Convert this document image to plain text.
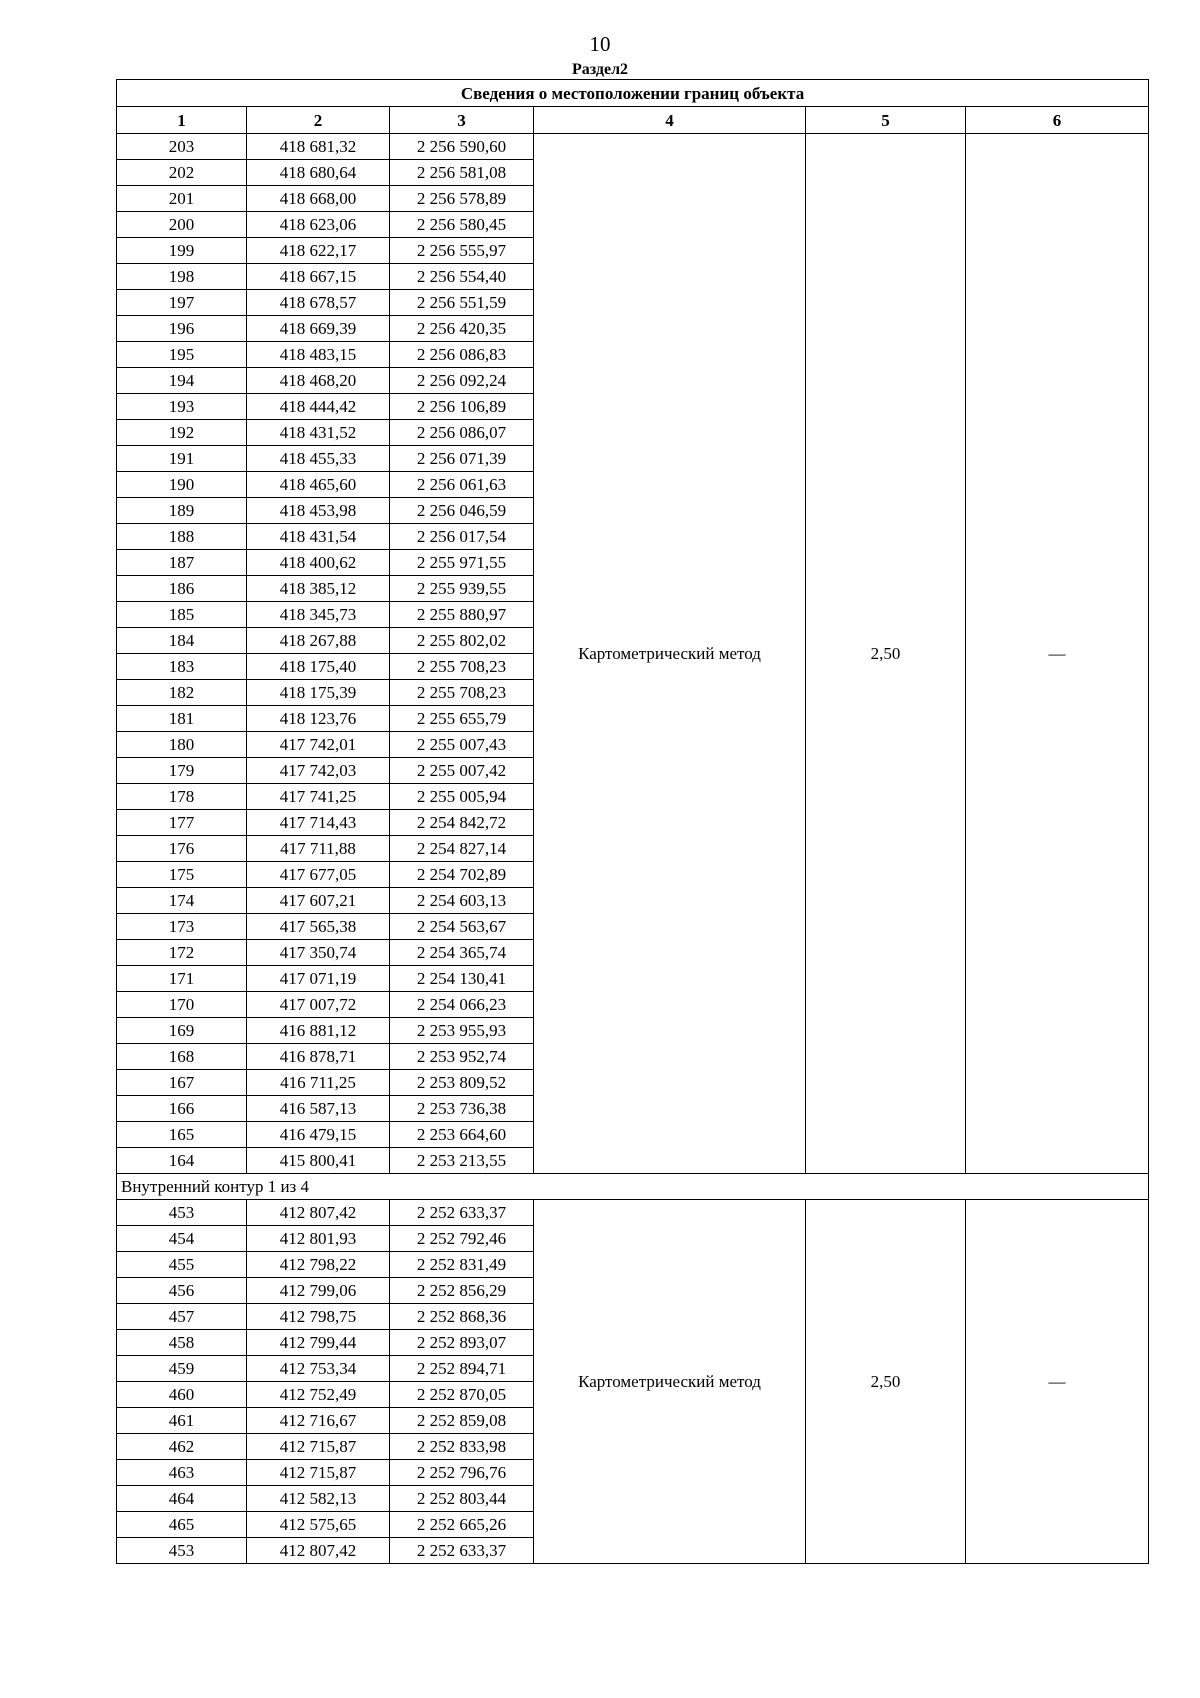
10
Раздел2
Сведения о местоположении границ объекта					
1	2	3	4	5	6
203	418 681,32	2 256 590,60	Картометрический метод	2,50	—
202	418 680,64	2 256 581,08			
201	418 668,00	2 256 578,89			
200	418 623,06	2 256 580,45			
199	418 622,17	2 256 555,97			
198	418 667,15	2 256 554,40			
197	418 678,57	2 256 551,59			
196	418 669,39	2 256 420,35			
195	418 483,15	2 256 086,83			
194	418 468,20	2 256 092,24			
193	418 444,42	2 256 106,89			
192	418 431,52	2 256 086,07			
191	418 455,33	2 256 071,39			
190	418 465,60	2 256 061,63			
189	418 453,98	2 256 046,59			
188	418 431,54	2 256 017,54			
187	418 400,62	2 255 971,55			
186	418 385,12	2 255 939,55			
185	418 345,73	2 255 880,97			
184	418 267,88	2 255 802,02			
183	418 175,40	2 255 708,23			
182	418 175,39	2 255 708,23			
181	418 123,76	2 255 655,79			
180	417 742,01	2 255 007,43			
179	417 742,03	2 255 007,42			
178	417 741,25	2 255 005,94			
177	417 714,43	2 254 842,72			
176	417 711,88	2 254 827,14			
175	417 677,05	2 254 702,89			
174	417 607,21	2 254 603,13			
173	417 565,38	2 254 563,67			
172	417 350,74	2 254 365,74			
171	417 071,19	2 254 130,41			
170	417 007,72	2 254 066,23			
169	416 881,12	2 253 955,93			
168	416 878,71	2 253 952,74			
167	416 711,25	2 253 809,52			
166	416 587,13	2 253 736,38			
165	416 479,15	2 253 664,60			
164	415 800,41	2 253 213,55			
Внутренний контур 1 из 4					
453	412 807,42	2 252 633,37	Картометрический метод	2,50	—
454	412 801,93	2 252 792,46			
455	412 798,22	2 252 831,49			
456	412 799,06	2 252 856,29			
457	412 798,75	2 252 868,36			
458	412 799,44	2 252 893,07			
459	412 753,34	2 252 894,71			
460	412 752,49	2 252 870,05			
461	412 716,67	2 252 859,08			
462	412 715,87	2 252 833,98			
463	412 715,87	2 252 796,76			
464	412 582,13	2 252 803,44			
465	412 575,65	2 252 665,26			
453	412 807,42	2 252 633,37			
